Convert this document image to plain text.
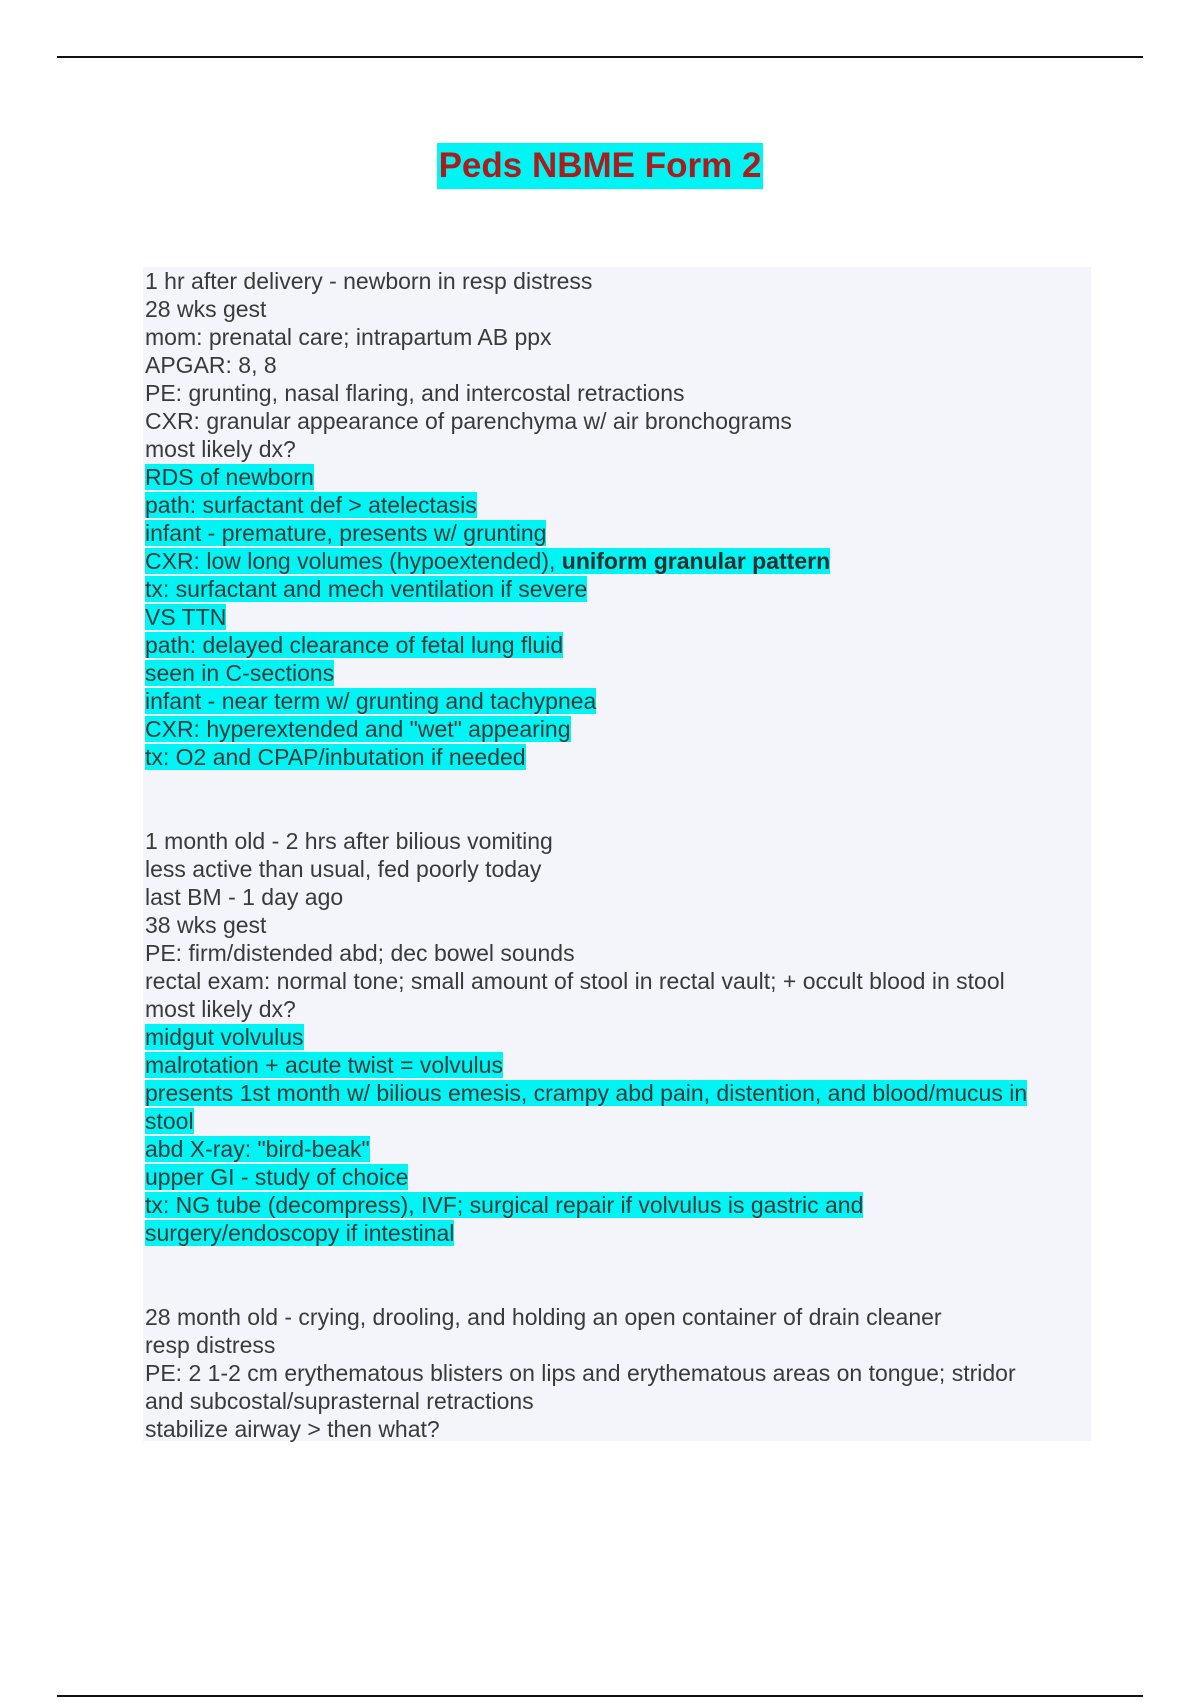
Peds NBME Form 2
1 hr after delivery - newborn in resp distress
28 wks gest
mom: prenatal care; intrapartum AB ppx
APGAR: 8, 8
PE: grunting, nasal flaring, and intercostal retractions
CXR: granular appearance of parenchyma w/ air bronchograms
most likely dx?
RDS of newborn
path: surfactant def > atelectasis
infant - premature, presents w/ grunting
CXR: low long volumes (hypoextended), uniform granular pattern
tx: surfactant and mech ventilation if severe
VS TTN
path: delayed clearance of fetal lung fluid
seen in C-sections
infant - near term w/ grunting and tachypnea
CXR: hyperextended and "wet" appearing
tx: O2 and CPAP/inbutation if needed
1 month old - 2 hrs after bilious vomiting
less active than usual, fed poorly today
last BM - 1 day ago
38 wks gest
PE: firm/distended abd; dec bowel sounds
rectal exam: normal tone; small amount of stool in rectal vault; + occult blood in stool
most likely dx?
midgut volvulus
malrotation + acute twist = volvulus
presents 1st month w/ bilious emesis, crampy abd pain, distention, and blood/mucus in
stool
abd X-ray: "bird-beak"
upper GI - study of choice
tx: NG tube (decompress), IVF; surgical repair if volvulus is gastric and
surgery/endoscopy if intestinal
28 month old - crying, drooling, and holding an open container of drain cleaner
resp distress
PE: 2 1-2 cm erythematous blisters on lips and erythematous areas on tongue; stridor
and subcostal/suprasternal retractions
stabilize airway > then what?
